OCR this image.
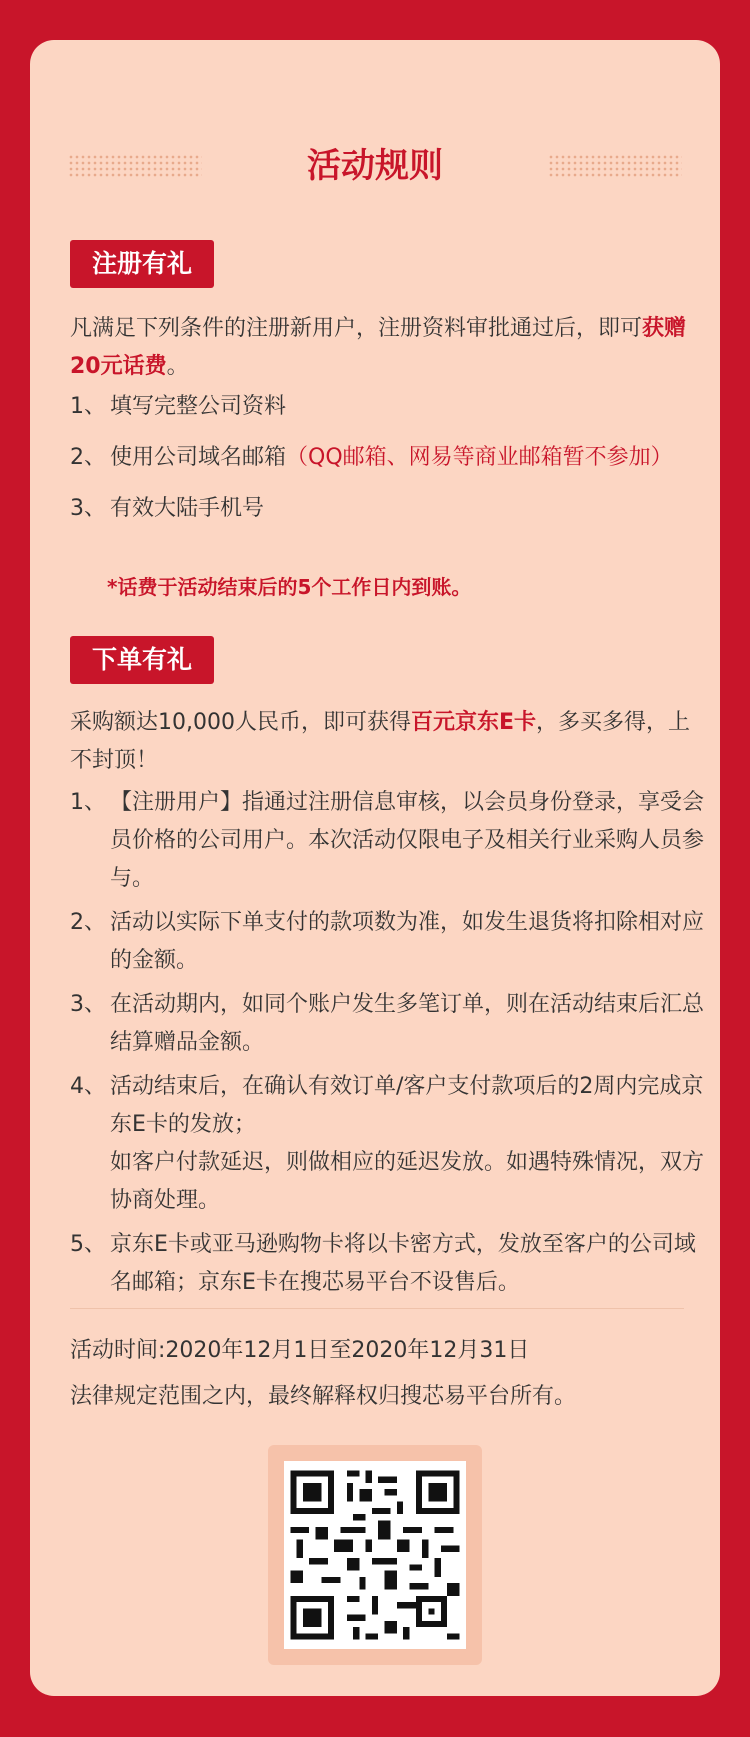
活动规则
注册有礼
凡满足下列条件的注册新用户，注册资料审批通过后，即可获赠20元话费。
1、 填写完整公司资料
2、 使用公司域名邮箱（QQ邮箱、网易等商业邮箱暂不参加）
3、 有效大陆手机号
*话费于活动结束后的5个工作日内到账。
下单有礼
采购额达10,000人民币，即可获得百元京东E卡，多买多得，上不封顶！
1、 【注册用户】指通过注册信息审核，以会员身份登录，享受会员价格的公司用户。本次活动仅限电子及相关行业采购人员参与。
2、 活动以实际下单支付的款项数为准，如发生退货将扣除相对应的金额。
3、 在活动期内，如同个账户发生多笔订单，则在活动结束后汇总结算赠品金额。
4、 活动结束后，在确认有效订单/客户支付款项后的2周内完成京东E卡的发放；
如客户付款延迟，则做相应的延迟发放。如遇特殊情况，双方协商处理。
5、 京东E卡或亚马逊购物卡将以卡密方式，发放至客户的公司域名邮箱；京东E卡在搜芯易平台不设售后。
活动时间:2020年12月1日至2020年12月31日
法律规定范围之内，最终解释权归搜芯易平台所有。
